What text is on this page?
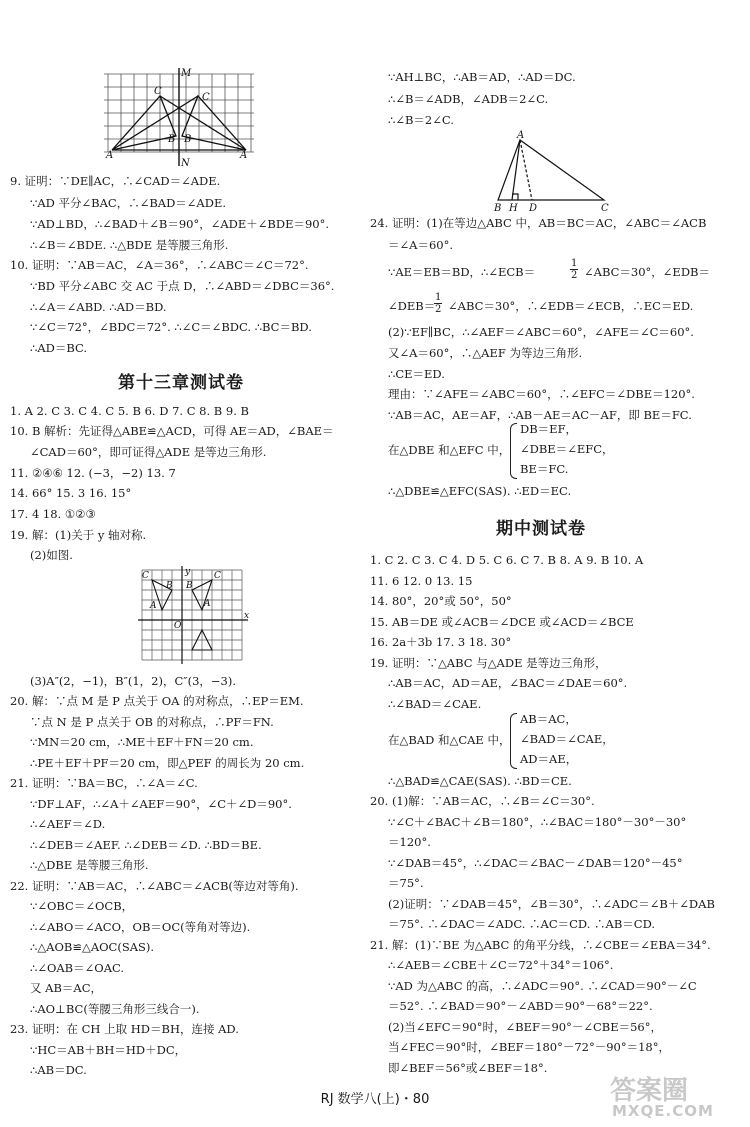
M
N
A
B
C
C
A
B
9. 证明：∵DE∥AC，∴∠CAD＝∠ADE.
∵AD 平分∠BAC，∴∠BAD＝∠ADE.
∵AD⊥BD，∴∠BAD＋∠B＝90°，∠ADE＋∠BDE＝90°.
∴∠B＝∠BDE. ∴△BDE 是等腰三角形.
10. 证明：∵AB＝AC，∠A＝36°，∴∠ABC＝∠C＝72°.
∵BD 平分∠ABC 交 AC 于点 D，∴∠ABD＝∠DBC＝36°.
∴∠A＝∠ABD. ∴AD＝BD.
∵∠C＝72°，∠BDC＝72°. ∴∠C＝∠BDC. ∴BC＝BD.
∴AD＝BC.
第十三章测试卷
1. A 2. C 3. C 4. C 5. B 6. D 7. C 8. B 9. B
10. B 解析：先证得△ABE≌△ACD，可得 AE＝AD，∠BAE＝
∠CAD＝60°，即可证得△ADE 是等边三角形.
11. ②④⑥ 12. (−3，−2) 13. 7
14. 66° 15. 3 16. 15°
17. 4 18. ①②③
19. 解：(1)关于 y 轴对称.
(2)如图.
C
A
B
A
B
C
O
x
y
(3)A″(2，−1)，B″(1，2)，C″(3，−3).
20. 解：∵点 M 是 P 点关于 OA 的对称点，∴EP＝EM.
∵点 N 是 P 点关于 OB 的对称点，∴PF＝FN.
∵MN＝20 cm，∴ME＋EF＋FN＝20 cm.
∴PE＋EF＋PF＝20 cm，即△PEF 的周长为 20 cm.
21. 证明：∵BA＝BC，∴∠A＝∠C.
∵DF⊥AF，∴∠A＋∠AEF＝90°，∠C＋∠D＝90°.
∴∠AEF＝∠D.
∴∠DEB＝∠AEF. ∴∠DEB＝∠D. ∴BD＝BE.
∴△DBE 是等腰三角形.
22. 证明：∵AB＝AC，∴∠ABC＝∠ACB(等边对等角).
∵∠OBC＝∠OCB，
∴∠ABO＝∠ACO，OB＝OC(等角对等边).
∴△AOB≌△AOC(SAS).
∴∠OAB＝∠OAC.
又 AB＝AC，
∴AO⊥BC(等腰三角形三线合一).
23. 证明：在 CH 上取 HD＝BH，连接 AD.
∵HC＝AB＋BH＝HD＋DC，
∴AB＝DC.
∵AH⊥BC，∴AB＝AD，∴AD＝DC.
∴∠B＝∠ADB，∠ADB＝2∠C.
∴∠B＝2∠C.
A
B H D	C
24. 证明：(1)在等边△ABC 中，AB＝BC＝AC，∠ABC＝∠ACB
＝∠A＝60°.
∵AE＝EB＝BD，∴∠ECB＝	$\frac{1}{2}$ ∠ABC＝30°，∠EDB＝
∠DEB＝
$\frac{1}{2}$ ∠ABC＝30°，∴∠EDB＝∠ECB，∴EC＝ED.
(2)∵EF∥BC，∴∠AEF＝∠ABC＝60°，∠AFE＝∠C＝60°.
又∠A＝60°，∴△AEF 为等边三角形.
∴CE＝ED.
理由：∵∠AFE＝∠ABC＝60°，∴∠EFC＝∠DBE＝120°.
∵AB＝AC，AE＝AF，∴AB－AE＝AC－AF，即 BE＝FC.
在△DBE 和△EFC 中，
DB＝EF，
∠DBE＝∠EFC，
BE＝FC.
∴△DBE≌△EFC(SAS). ∴ED＝EC.
期中测试卷
1. C 2. C 3. C 4. D 5. C 6. C 7. B 8. A 9. B 10. A
11. 6 12. 0 13. 15
14. 80°，20°或 50°，50°
15. AB＝DE 或∠ACB＝∠DCE 或∠ACD＝∠BCE
16. 2a＋3b 17. 3 18. 30°
19. 证明：∵△ABC 与△ADE 是等边三角形，
∴AB＝AC，AD＝AE，∠BAC＝∠DAE＝60°.
∴∠BAD＝∠CAE.
在△BAD 和△CAE 中，
AB＝AC，
∠BAD＝∠CAE，
AD＝AE，
∴△BAD≌△CAE(SAS). ∴BD＝CE.
20. (1)解：∵AB＝AC，∴∠B＝∠C＝30°.
∵∠C＋∠BAC＋∠B＝180°，∴∠BAC＝180°－30°－30°
＝120°.
∵∠DAB＝45°，∴∠DAC＝∠BAC－∠DAB＝120°－45°
＝75°.
(2)证明：∵∠DAB＝45°，∠B＝30°，∴∠ADC＝∠B＋∠DAB
＝75°. ∴∠DAC＝∠ADC. ∴AC＝CD. ∴AB＝CD.
21. 解：(1)∵BE 为△ABC 的角平分线，∴∠CBE＝∠EBA＝34°.
∴∠AEB＝∠CBE＋∠C＝72°＋34°＝106°.
∵AD 为△ABC 的高，∴∠ADC＝90°. ∴∠CAD＝90°－∠C
＝52°. ∴∠BAD＝90°－∠ABD＝90°－68°＝22°.
(2)当∠EFC＝90°时，∠BEF＝90°－∠CBE＝56°，
当∠FEC＝90°时，∠BEF＝180°－72°－90°＝18°，
即∠BEF＝56°或∠BEF＝18°.
RJ 数学八(上)・80	答案圈
MXQE.COM
